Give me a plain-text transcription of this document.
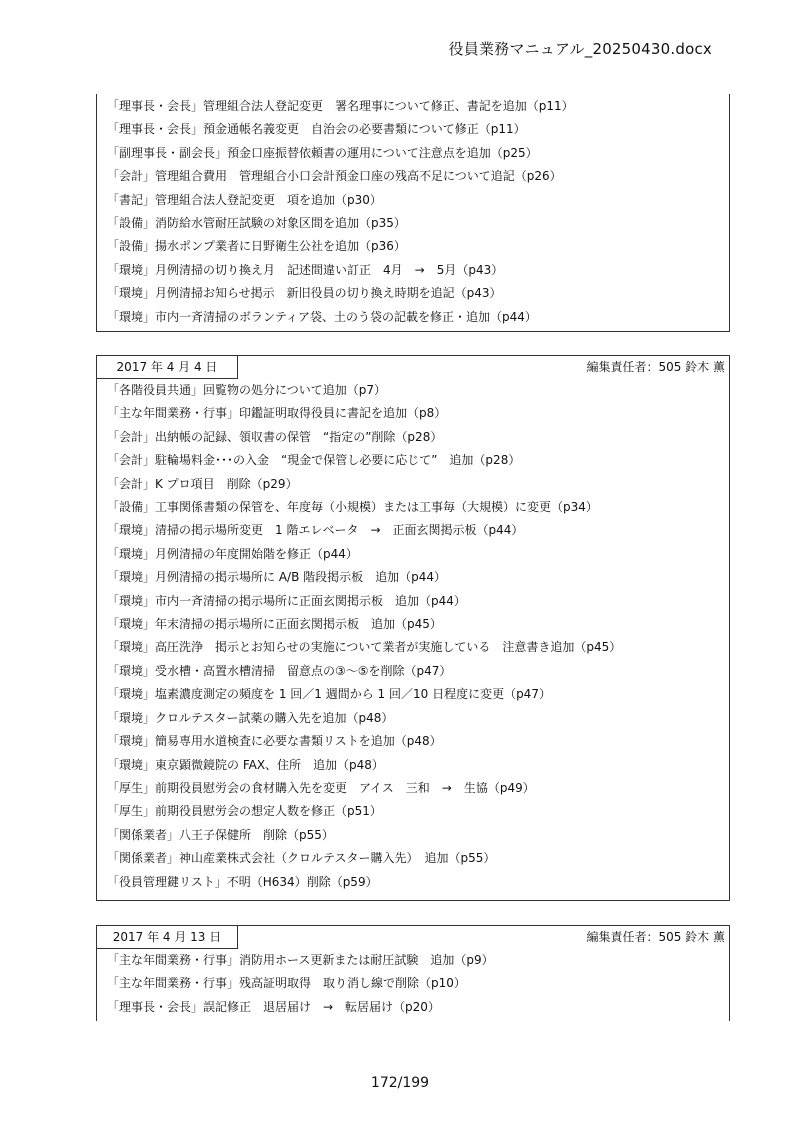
役員業務マニュアル_20250430.docx
「理事長・会長」管理組合法人登記変更　署名理事について修正、書記を追加（p11）
「理事長・会長」預金通帳名義変更　自治会の必要書類について修正（p11）
「副理事長・副会長」預金口座振替依頼書の運用について注意点を追加（p25）
「会計」管理組合費用　管理組合小口会計預金口座の残高不足について追記（p26）
「書記」管理組合法人登記変更　項を追加（p30）
「設備」消防給水管耐圧試験の対象区間を追加（p35）
「設備」揚水ポンプ業者に日野衛生公社を追加（p36）
「環境」月例清掃の切り換え月　記述間違い訂正　4月　→　5月（p43）
「環境」月例清掃お知らせ掲示　新旧役員の切り換え時期を追記（p43）
「環境」市内一斉清掃のボランティア袋、土のう袋の記載を修正・追加（p44）
2017 年 4 月 4 日	編集責任者：505 鈴木 薫
「各階役員共通」回覧物の処分について追加（p7）
「主な年間業務・行事」印鑑証明取得役員に書記を追加（p8）
「会計」出納帳の記録、領収書の保管　“指定の”削除（p28）
「会計」駐輪場料金･･･の入金　“現金で保管し必要に応じて”　追加（p28）
「会計」K プロ項目　削除（p29）
「設備」工事関係書類の保管を、年度毎（小規模）または工事毎（大規模）に変更（p34）
「環境」清掃の掲示場所変更　1 階エレベータ　→　正面玄関掲示板（p44）
「環境」月例清掃の年度開始階を修正（p44）
「環境」月例清掃の掲示場所に A/B 階段掲示板　追加（p44）
「環境」市内一斉清掃の掲示場所に正面玄関掲示板　追加（p44）
「環境」年末清掃の掲示場所に正面玄関掲示板　追加（p45）
「環境」高圧洗浄　掲示とお知らせの実施について業者が実施している　注意書き追加（p45）
「環境」受水槽・高置水槽清掃　留意点の③～⑤を削除（p47）
「環境」塩素濃度測定の頻度を 1 回／1 週間から 1 回／10 日程度に変更（p47）
「環境」クロルテスター試薬の購入先を追加（p48）
「環境」簡易専用水道検査に必要な書類リストを追加（p48）
「環境」東京顕微鏡院の FAX、住所　追加（p48）
「厚生」前期役員慰労会の食材購入先を変更　アイス　三和　→　生協（p49）
「厚生」前期役員慰労会の想定人数を修正（p51）
「関係業者」八王子保健所　削除（p55）
「関係業者」神山産業株式会社（クロルテスター購入先）　追加（p55）
「役員管理鍵リスト」不明（H634）削除（p59）
2017 年 4 月 13 日	編集責任者：505 鈴木 薫
「主な年間業務・行事」消防用ホース更新または耐圧試験　追加（p9）
「主な年間業務・行事」残高証明取得　取り消し線で削除（p10）
「理事長・会長」誤記修正　退居届け　→　転居届け（p20）
172/199
